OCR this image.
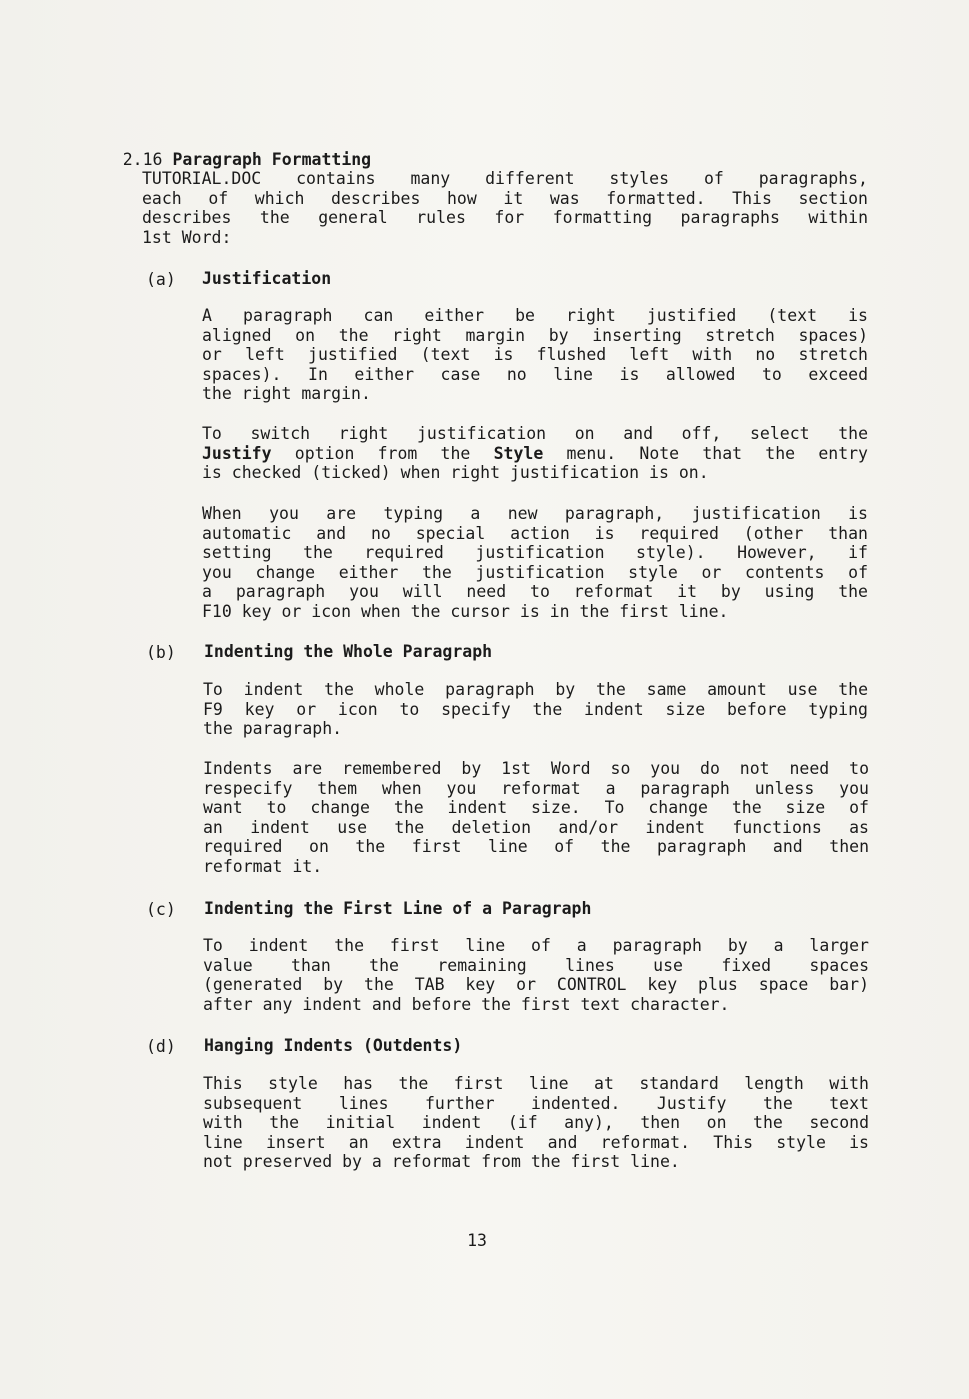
2.16 Paragraph Formatting

TUTORIAL.DOC contains many different styles of paragraphs,
each of which describes how it was formatted. This section
describes the general rules for formatting paragraphs within
1st Word:
(a) Justification
A paragraph can either be right justified (text is
aligned on the right margin by inserting stretch spaces)
or left justified (text is flushed left with no stretch
spaces). In either case no line is allowed to exceed
the right margin.
To switch right justification on and off, select the
Justify option from the Style menu. Note that the entry
is checked (ticked) when right justification is on.
When you are typing a new paragraph, justification is
automatic and no special action is required (other than
setting the required justification style). However, if
you change either the justification style or contents of
a paragraph you will need to reformat it by using the
F10 key or icon when the cursor is in the first line.
(b) Indenting the Whole Paragraph
To indent the whole paragraph by the same amount use the
F9 key or icon to specify the indent size before typing
the paragraph.
Indents are remembered by 1st Word so you do not need to
respecify them when you reformat a paragraph unless you
want to change the indent size. To change the size of
an indent use the deletion and/or indent functions as
required on the first line of the paragraph and then
reformat it.
(c) Indenting the First Line of a Paragraph
To indent the first line of a paragraph by a larger
value than the remaining lines use fixed spaces
(generated by the TAB key or CONTROL key plus space bar)
after any indent and before the first text character.
(d) Hanging Indents (Outdents)
This style has the first line at standard length with
subsequent lines further indented. Justify the text
with the initial indent (if any), then on the second
line insert an extra indent and reformat. This style is
not preserved by a reformat from the first line.
13
